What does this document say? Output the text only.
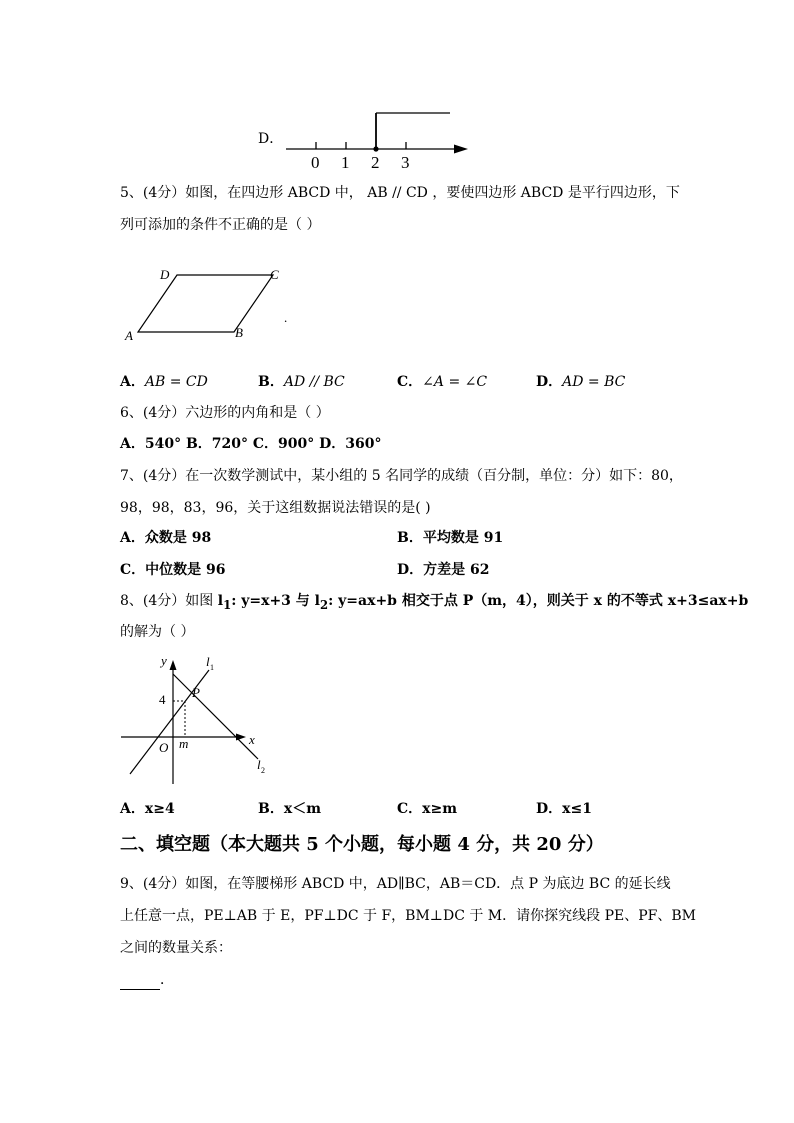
D．
0 1 2 3
5、(4分）如图，在四边形 ABCD 中， AB // CD ，要使四边形 ABCD 是平行四边形，下
列可添加的条件不正确的是（ ）
D	C
A	B
.
A．AB = CD	B．AD // BC	C．∠A = ∠C	D．AD = BC
6、(4分）六边形的内角和是（ ）
A．540° B．720° C．900° D．360°
7、(4分）在一次数学测试中，某小组的 5 名同学的成绩（百分制，单位：分）如下：80，
98，98，83，96，关于这组数据说法错误的是( )
A．众数是 98	B．平均数是 91
C．中位数是 96	D．方差是 62
8、(4分）如图 $l_1$: y=x+3 与 $l_2$: y=ax+b 相交于点 P（m，4），则关于 x 的不等式 x+3≤ax+b
的解为（ ）
y
x
O
4
m
P
l 1
l 2
A．x≥4	B．x＜m	C．x≥m	D．x≤1
二、填空题（本大题共 5 个小题，每小题 4 分，共 20 分）
9、(4分）如图，在等腰梯形 ABCD 中，AD∥BC，AB＝CD．点 P 为底边 BC 的延长线
上任意一点，PE⊥AB 于 E，PF⊥DC 于 F，BM⊥DC 于 M．请你探究线段 PE、PF、BM
之间的数量关系：
．
